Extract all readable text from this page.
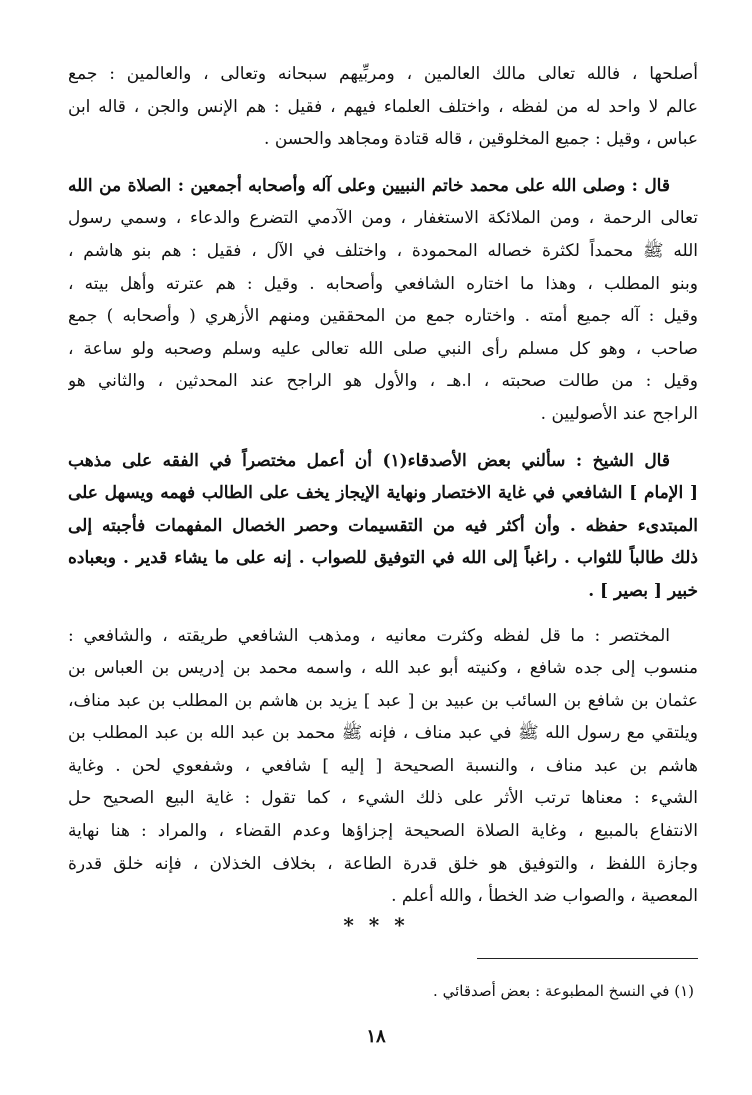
أصلحها ، فالله تعالى مالك العالمين ، ومربِّيهم سبحانه وتعالى ، والعالمين : جمع
عالم لا واحد له من لفظه ، واختلف العلماء فيهم ، فقيل : هم الإنس والجن ، قاله ابن
عباس ، وقيل : جميع المخلوقين ، قاله قتادة ومجاهد والحسن .
قال : وصلى الله على محمد خاتم النبيين وعلى آله وأصحابه أجمعين : الصلاة من الله
تعالى الرحمة ، ومن الملائكة الاستغفار ، ومن الآدمي التضرع والدعاء ، وسمي رسول
الله ﷺ محمداً لكثرة خصاله المحمودة ، واختلف في الآل ، فقيل : هم بنو هاشم ،
وبنو المطلب ، وهذا ما اختاره الشافعي وأصحابه . وقيل : هم عترته وأهل بيته ،
وقيل : آله جميع أمته . واختاره جمع من المحققين ومنهم الأزهري ( وأصحابه ) جمع
صاحب ، وهو كل مسلم رأى النبي صلى الله تعالى عليه وسلم وصحبه ولو ساعة ،
وقيل : من طالت صحبته ، ا.هـ ، والأول هو الراجح عند المحدثين ، والثاني هو
الراجح عند الأصوليين .
قال الشيخ : سألني بعض الأصدقاء(١) أن أعمل مختصراً في الفقه على مذهب
[ الإمام ] الشافعي في غاية الاختصار ونهاية الإيجاز يخف على الطالب فهمه ويسهل على
المبتدىء حفظه . وأن أكثر فيه من التقسيمات وحصر الخصال المفهمات فأجبته إلى
ذلك طالباً للثواب . راغباً إلى الله في التوفيق للصواب . إنه على ما يشاء قدير . وبعباده
خبير [ بصير ] .
المختصر : ما قل لفظه وكثرت معانيه ، ومذهب الشافعي طريقته ، والشافعي :
منسوب إلى جده شافع ، وكنيته أبو عبد الله ، واسمه محمد بن إدريس بن العباس بن
عثمان بن شافع بن السائب بن عبيد بن [ عبد ] يزيد بن هاشم بن المطلب بن عبد مناف،
ويلتقي مع رسول الله ﷺ في عبد مناف ، فإنه ﷺ محمد بن عبد الله بن عبد المطلب بن
هاشم بن عبد مناف ، والنسبة الصحيحة [ إليه ] شافعي ، وشفعوي لحن . وغاية
الشيء : معناها ترتب الأثر على ذلك الشيء ، كما تقول : غاية البيع الصحيح حل
الانتفاع بالمبيع ، وغاية الصلاة الصحيحة إجزاؤها وعدم القضاء ، والمراد : هنا نهاية
وجازة اللفظ ، والتوفيق هو خلق قدرة الطاعة ، بخلاف الخذلان ، فإنه خلق قدرة
المعصية ، والصواب ضد الخطأ ، والله أعلم .
* * *
(١) في النسخ المطبوعة : بعض أصدقائي .
١٨
